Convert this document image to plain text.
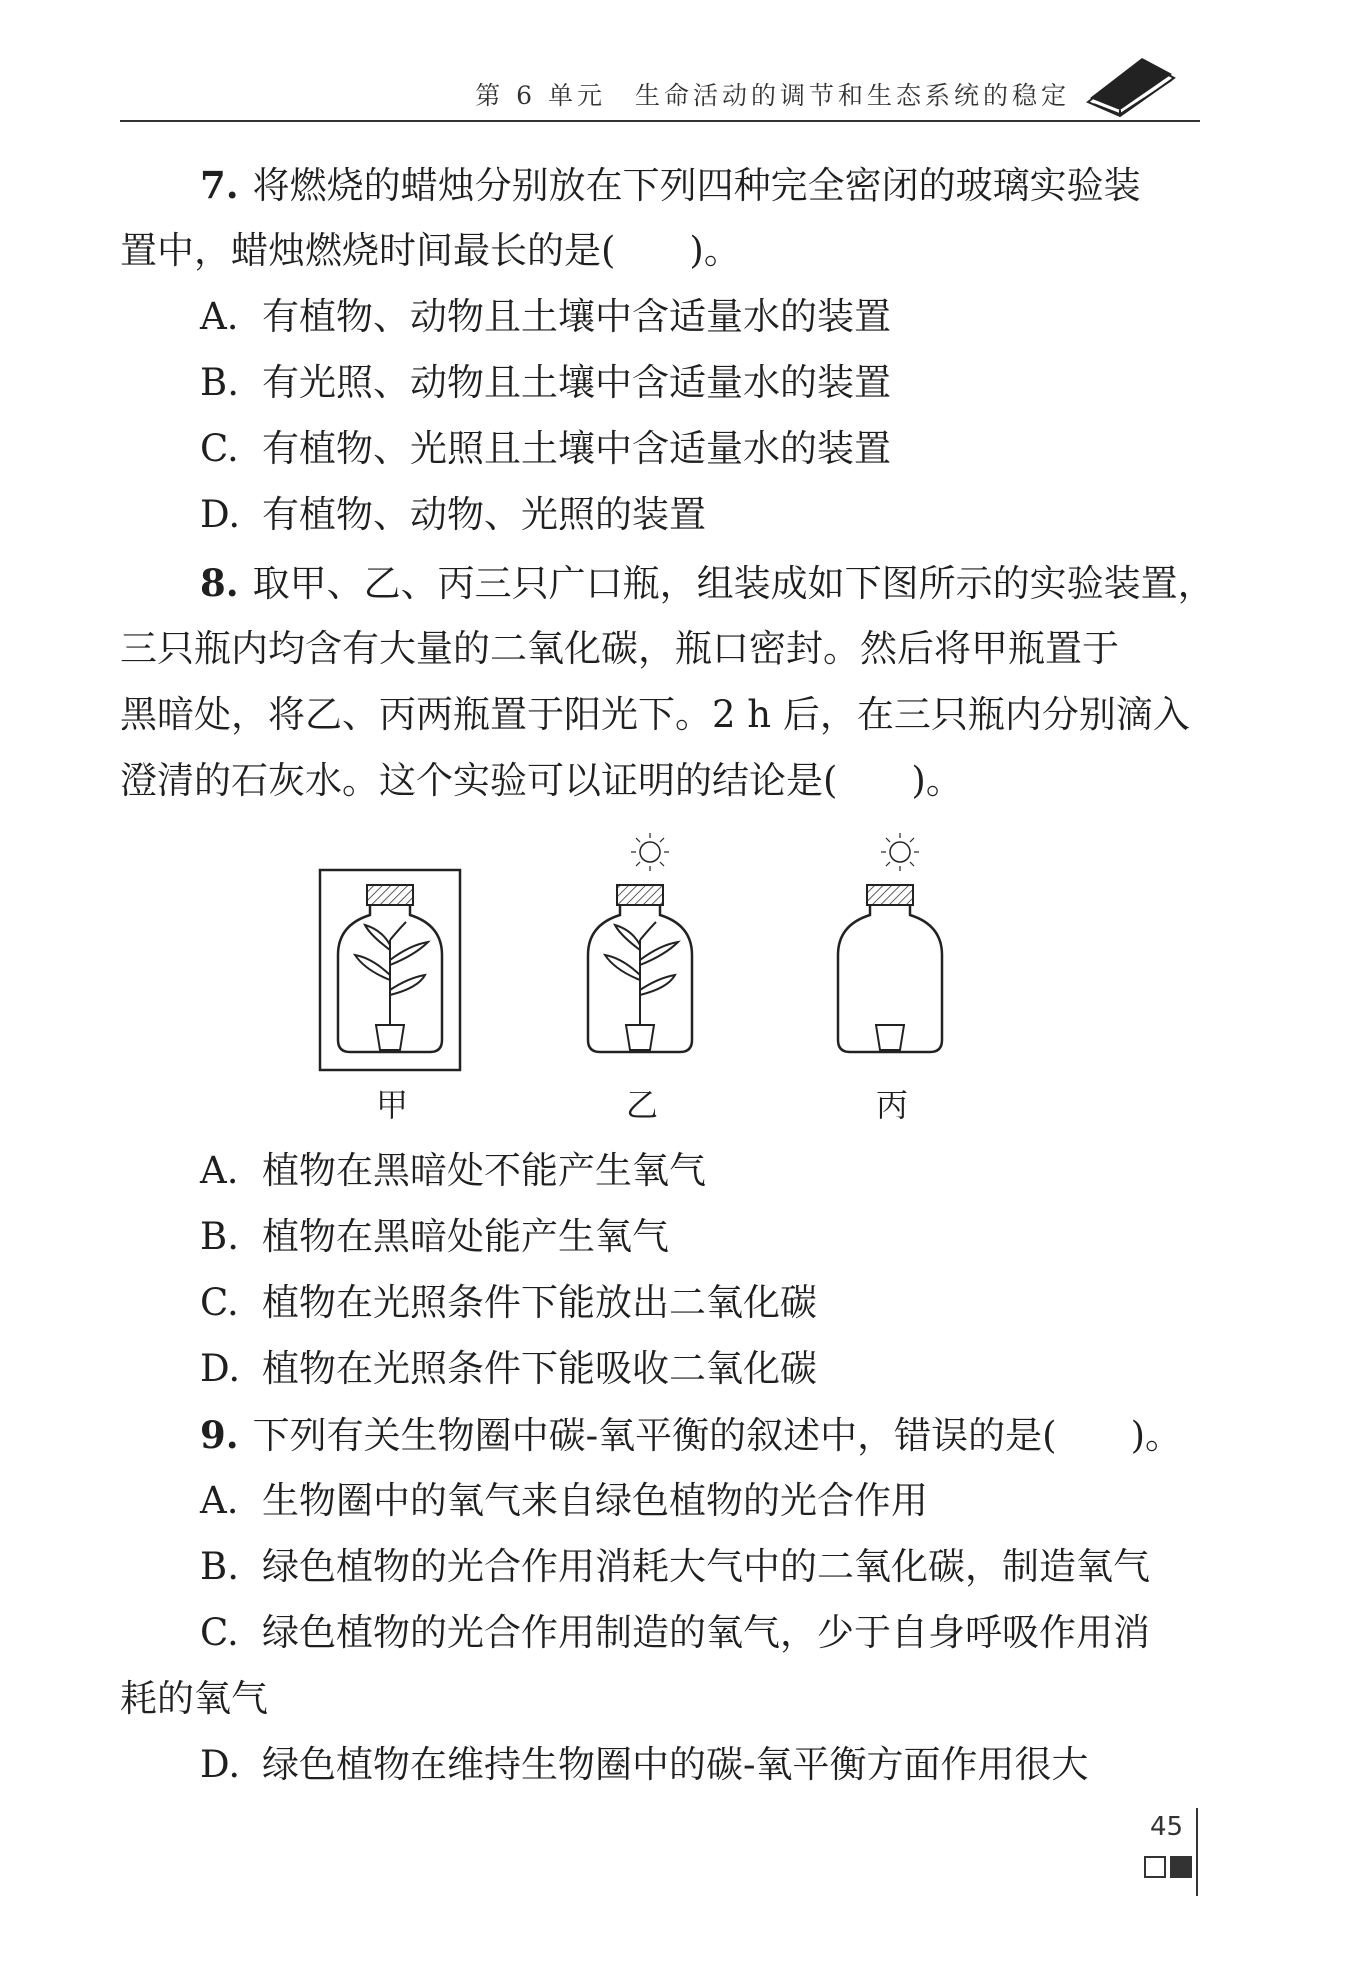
第 6 单元　生命活动的调节和生态系统的稳定
7. 将燃烧的蜡烛分别放在下列四种完全密闭的玻璃实验装
置中，蜡烛燃烧时间最长的是(　　)。
A. 有植物、动物且土壤中含适量水的装置
B. 有光照、动物且土壤中含适量水的装置
C. 有植物、光照且土壤中含适量水的装置
D. 有植物、动物、光照的装置
8. 取甲、乙、丙三只广口瓶，组装成如下图所示的实验装置，
三只瓶内均含有大量的二氧化碳，瓶口密封。然后将甲瓶置于
黑暗处，将乙、丙两瓶置于阳光下。2 h 后，在三只瓶内分别滴入
澄清的石灰水。这个实验可以证明的结论是(　　)。
甲	乙	丙
A. 植物在黑暗处不能产生氧气
B. 植物在黑暗处能产生氧气
C. 植物在光照条件下能放出二氧化碳
D. 植物在光照条件下能吸收二氧化碳
9. 下列有关生物圈中碳-氧平衡的叙述中，错误的是(　　)。
A. 生物圈中的氧气来自绿色植物的光合作用
B. 绿色植物的光合作用消耗大气中的二氧化碳，制造氧气
C. 绿色植物的光合作用制造的氧气，少于自身呼吸作用消
耗的氧气
D. 绿色植物在维持生物圈中的碳-氧平衡方面作用很大
45
